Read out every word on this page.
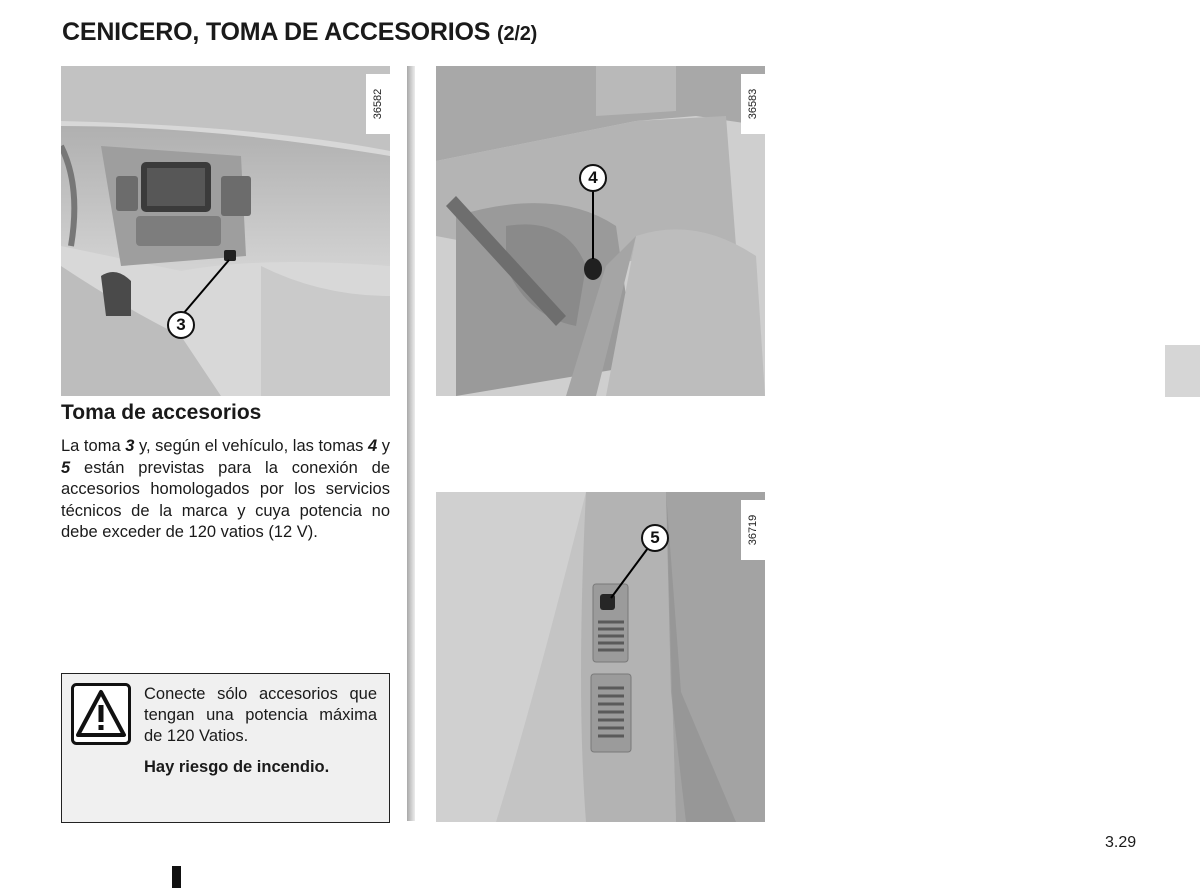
CENICERO, TOMA DE ACCESORIOS (2/2)
36582
3
36583
4
36719
5
Toma de accesorios
La toma 3 y, según el vehículo, las tomas 4 y 5 están previstas para la conexión de accesorios homologados por los servicios técnicos de la marca y cuya potencia no debe exceder de 120 vatios (12 V).
Conecte sólo accesorios que tengan una potencia máxima de 120 Vatios.
Hay riesgo de incendio.
3.29
